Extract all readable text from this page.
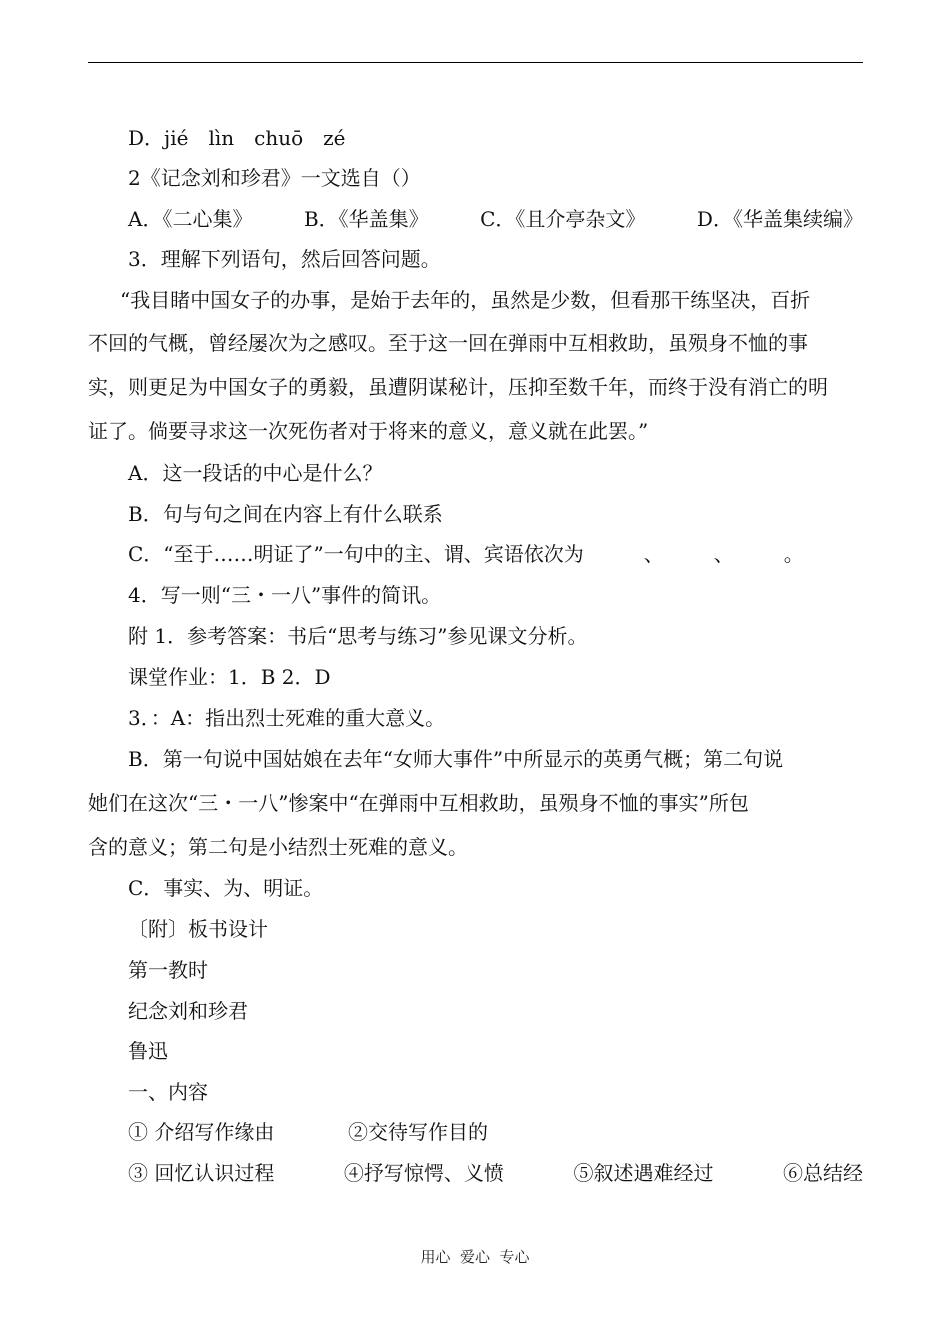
D．jié　lìn　chuō　zé
2《记念刘和珍君》一文选自（）
A．《二心集》	B．《华盖集》	C．《且介亭杂文》	D．《华盖集续编》
3．理解下列语句，然后回答问题。
“我目睹中国女子的办事，是始于去年的，虽然是少数，但看那干练坚决，百折
不回的气概，曾经屡次为之感叹。至于这一回在弹雨中互相救助，虽殒身不恤的事
实，则更足为中国女子的勇毅，虽遭阴谋秘计，压抑至数千年，而终于没有消亡的明
证了。倘要寻求这一次死伤者对于将来的意义，意义就在此罢。”
A．这一段话的中心是什么？
B．句与句之间在内容上有什么联系
C．“至于……明证了”一句中的主、谓、宾语依次为　　　、　　　、　　　。
4．写一则“三・一八”事件的简讯。
附 1．参考答案：书后“思考与练习”参见课文分析。
课堂作业：1．B 2．D
3．：A：指出烈士死难的重大意义。
B．第一句说中国姑娘在去年“女师大事件”中所显示的英勇气概；第二句说
她们在这次“三・一八”惨案中“在弹雨中互相救助，虽殒身不恤的事实”所包
含的意义；第二句是小结烈士死难的意义。
C．事实、为、明证。
〔附〕板书设计
第一教时
纪念刘和珍君
鲁迅
一、内容
① 介绍写作缘由	②交待写作目的
③ 回忆认识过程	④抒写惊愕、义愤	⑤叙述遇难经过	⑥总结经
用心  爱心  专心
